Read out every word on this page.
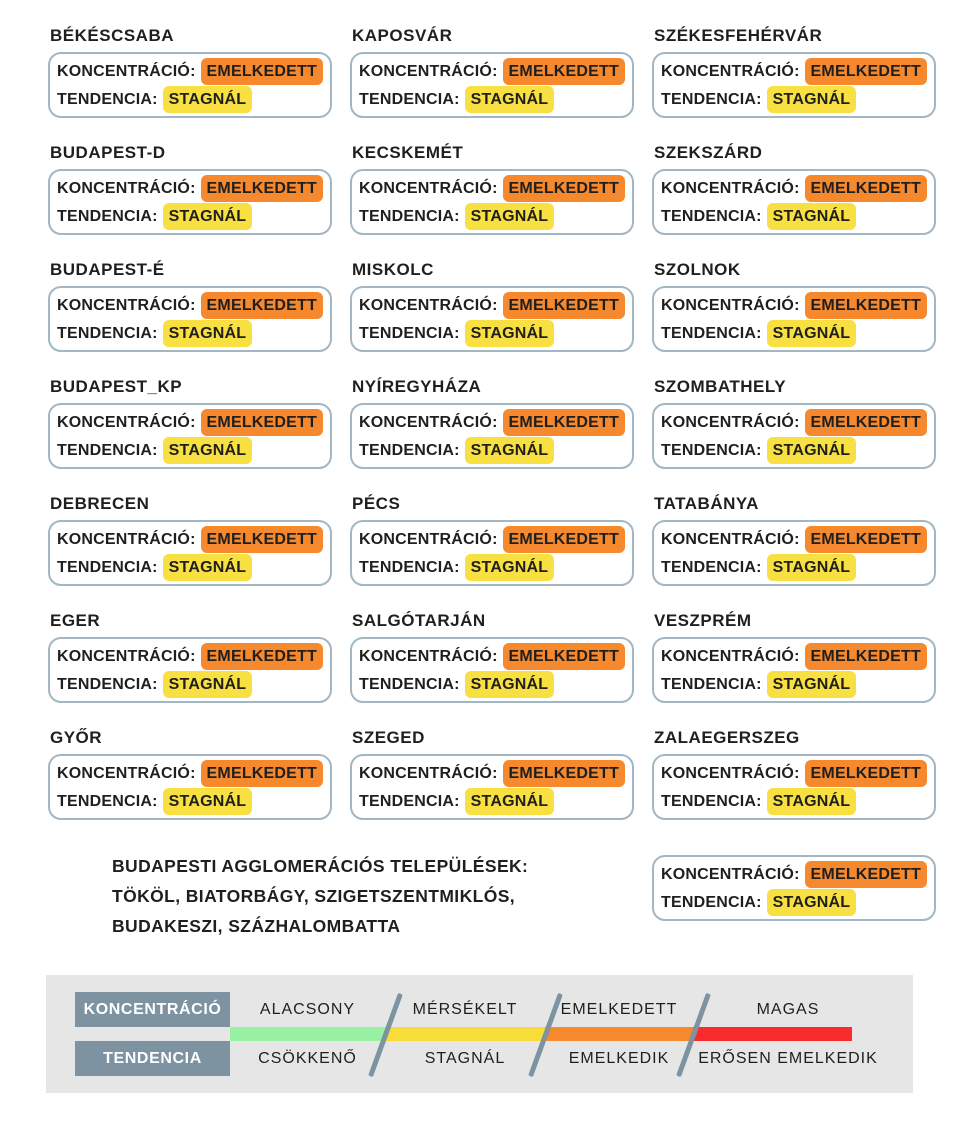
BÉKÉSCSABA
KONCENTRÁCIÓ: EMELKEDETT
TENDENCIA: STAGNÁL
BUDAPEST-D
KONCENTRÁCIÓ: EMELKEDETT
TENDENCIA: STAGNÁL
BUDAPEST-É
KONCENTRÁCIÓ: EMELKEDETT
TENDENCIA: STAGNÁL
BUDAPEST_KP
KONCENTRÁCIÓ: EMELKEDETT
TENDENCIA: STAGNÁL
DEBRECEN
KONCENTRÁCIÓ: EMELKEDETT
TENDENCIA: STAGNÁL
EGER
KONCENTRÁCIÓ: EMELKEDETT
TENDENCIA: STAGNÁL
GYŐR
KONCENTRÁCIÓ: EMELKEDETT
TENDENCIA: STAGNÁL
KAPOSVÁR
KONCENTRÁCIÓ: EMELKEDETT
TENDENCIA: STAGNÁL
KECSKEMÉT
KONCENTRÁCIÓ: EMELKEDETT
TENDENCIA: STAGNÁL
MISKOLC
KONCENTRÁCIÓ: EMELKEDETT
TENDENCIA: STAGNÁL
NYÍREGYHÁZA
KONCENTRÁCIÓ: EMELKEDETT
TENDENCIA: STAGNÁL
PÉCS
KONCENTRÁCIÓ: EMELKEDETT
TENDENCIA: STAGNÁL
SALGÓTARJÁN
KONCENTRÁCIÓ: EMELKEDETT
TENDENCIA: STAGNÁL
SZEGED
KONCENTRÁCIÓ: EMELKEDETT
TENDENCIA: STAGNÁL
SZÉKESFEHÉRVÁR
KONCENTRÁCIÓ: EMELKEDETT
TENDENCIA: STAGNÁL
SZEKSZÁRD
KONCENTRÁCIÓ: EMELKEDETT
TENDENCIA: STAGNÁL
SZOLNOK
KONCENTRÁCIÓ: EMELKEDETT
TENDENCIA: STAGNÁL
SZOMBATHELY
KONCENTRÁCIÓ: EMELKEDETT
TENDENCIA: STAGNÁL
TATABÁNYA
KONCENTRÁCIÓ: EMELKEDETT
TENDENCIA: STAGNÁL
VESZPRÉM
KONCENTRÁCIÓ: EMELKEDETT
TENDENCIA: STAGNÁL
ZALAEGERSZEG
KONCENTRÁCIÓ: EMELKEDETT
TENDENCIA: STAGNÁL
BUDAPESTI AGGLOMERÁCIÓS TELEPÜLÉSEK:
TÖKÖL, BIATORBÁGY, SZIGETSZENTMIKLÓS,
BUDAKESZI, SZÁZHALOMBATTA
KONCENTRÁCIÓ: EMELKEDETT
TENDENCIA: STAGNÁL
KONCENTRÁCIÓ
TENDENCIA
ALACSONY	MÉRSÉKELT	EMELKEDETT	MAGAS
CSÖKKENŐ	STAGNÁL	EMELKEDIK	ERŐSEN EMELKEDIK
